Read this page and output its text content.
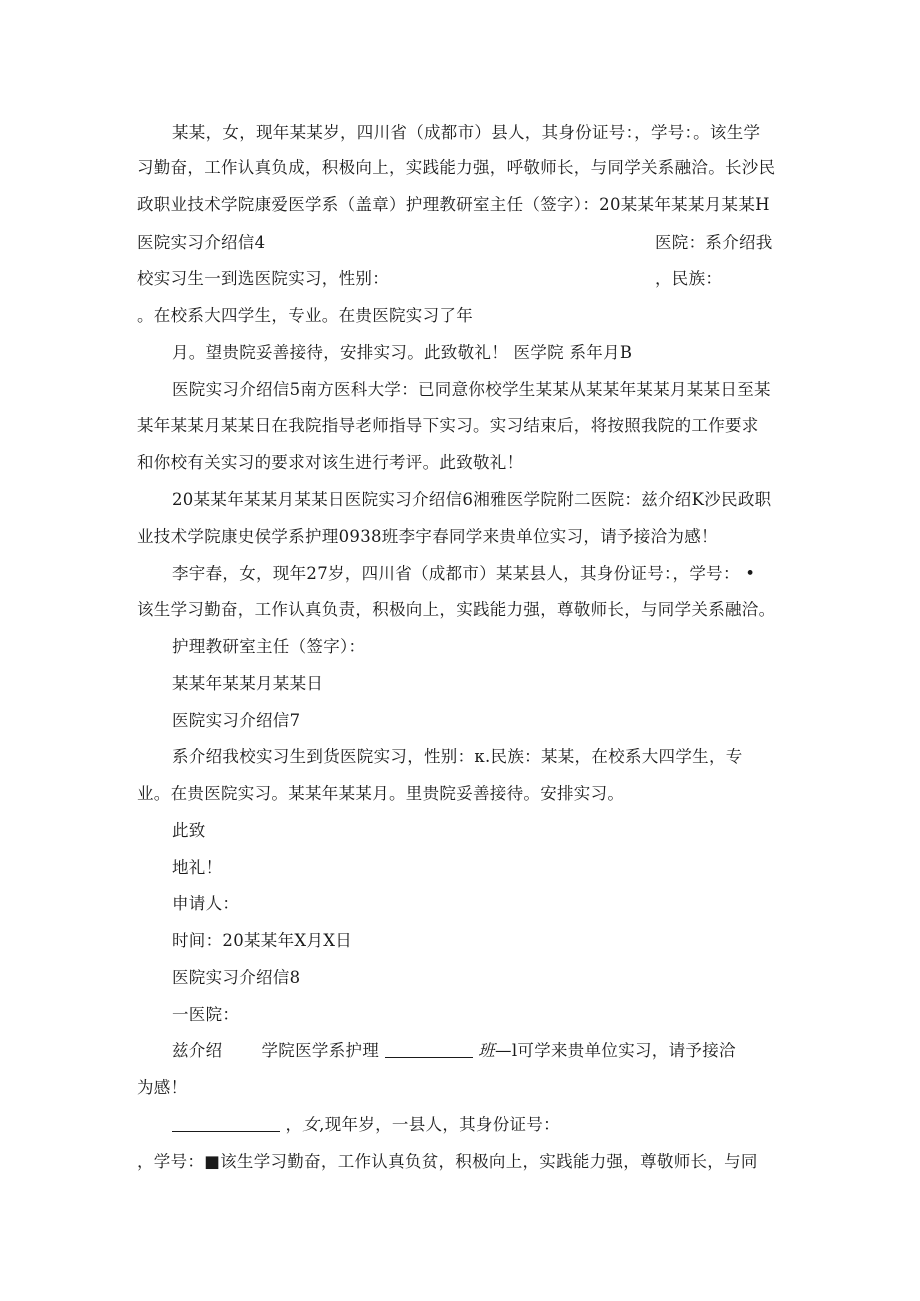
某某，女，现年某某岁，四川省（成都市）县人，其身份证号：，学号：。该生学
习勤奋，工作认真负成，积极向上，实践能力强，呼敬师长，与同学关系融洽。长沙民
政职业技术学院康爱医学系（盖章）护理教研室主任（签字）：20某某年某某月某某H
医院实习介绍信4	医院：系介绍我
校实习生一到选医院实习，性别：	，民族：
。在校系大四学生，专业。在贵医院实习了年
月。望贵院妥善接待，安排实习。此致敬礼！ 医学院 系年月B
医院实习介绍信5南方医科大学：已同意你校学生某某从某某年某某月某某日至某
某年某某月某某日在我院指导老师指导下实习。实习结束后，将按照我院的工作要求
和你校有关实习的要求对该生进行考评。此致敬礼！
20某某年某某月某某日医院实习介绍信6湘雅医学院附二医院：兹介绍K沙民政职
业技术学院康史侯学系护理0938班李宇春同学来贵单位实习，请予接洽为感！
李宇春，女，现年27岁，四川省（成都市）某某县人，其身份证号：，学号： •
该生学习勤奋，工作认真负责，积极向上，实践能力强，尊敬师长，与同学关系融洽。
护理教研室主任（签字）：
某某年某某月某某日
医院实习介绍信7
系介绍我校实习生到货医院实习，性别：κ.民族：某某，在校系大四学生，专
业。在贵医院实习。某某年某某月。里贵院妥善接待。安排实习。
此致
地礼！
申请人：
时间：20某某年X月X日
医院实习介绍信8
一医院：
兹介绍 学院医学系护理	班—l可学来贵单位实习，请予接洽
为感！
，女,现年岁，一县人，其身份证号：
，学号：■该生学习勤奋，工作认真负贫，积极向上，实践能力强，尊敬师长，与同
